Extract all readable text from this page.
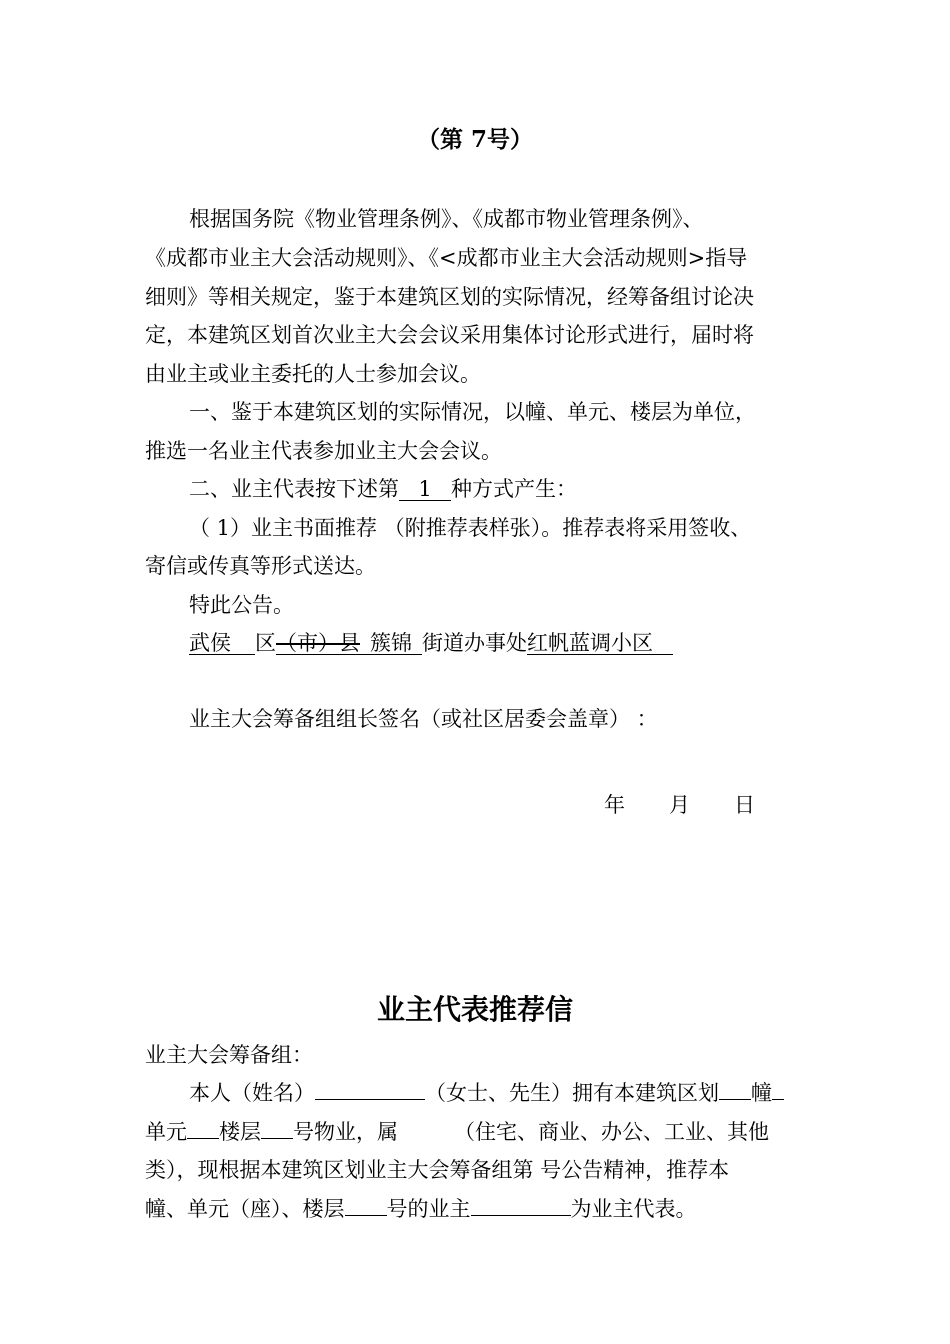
（第 7号）
根据国务院《物业管理条例》、《成都市物业管理条例》、
《成都市业主大会活动规则》、《<成都市业主大会活动规则>指导
细则》等相关规定，鉴于本建筑区划的实际情况，经筹备组讨论决
定，本建筑区划首次业主大会会议采用集体讨论形式进行，届时将
由业主或业主委托的人士参加会议。
一、鉴于本建筑区划的实际情况，以幢、单元、楼层为单位，
推选一名业主代表参加业主大会会议。
二、业主代表按下述第 1 种方式产生：
（ 1）业主书面推荐 （附推荐表样张）。推荐表将采用签收、
寄信或传真等形式送达。
特此公告。
武侯 区（市）县 簇锦 街道办事处红帆蓝调小区
业主大会筹备组组长签名（或社区居委会盖章） ：
年 月 日
业主代表推荐信
业主大会筹备组：
本人（姓名）	（女士、先生）拥有本建筑区划 幢
单元 楼层 号物业，属	（住宅、商业、办公、工业、其他
类），现根据本建筑区划业主大会筹备组第 号公告精神，推荐本
幢、单元（座）、楼层 号的业主	为业主代表。
